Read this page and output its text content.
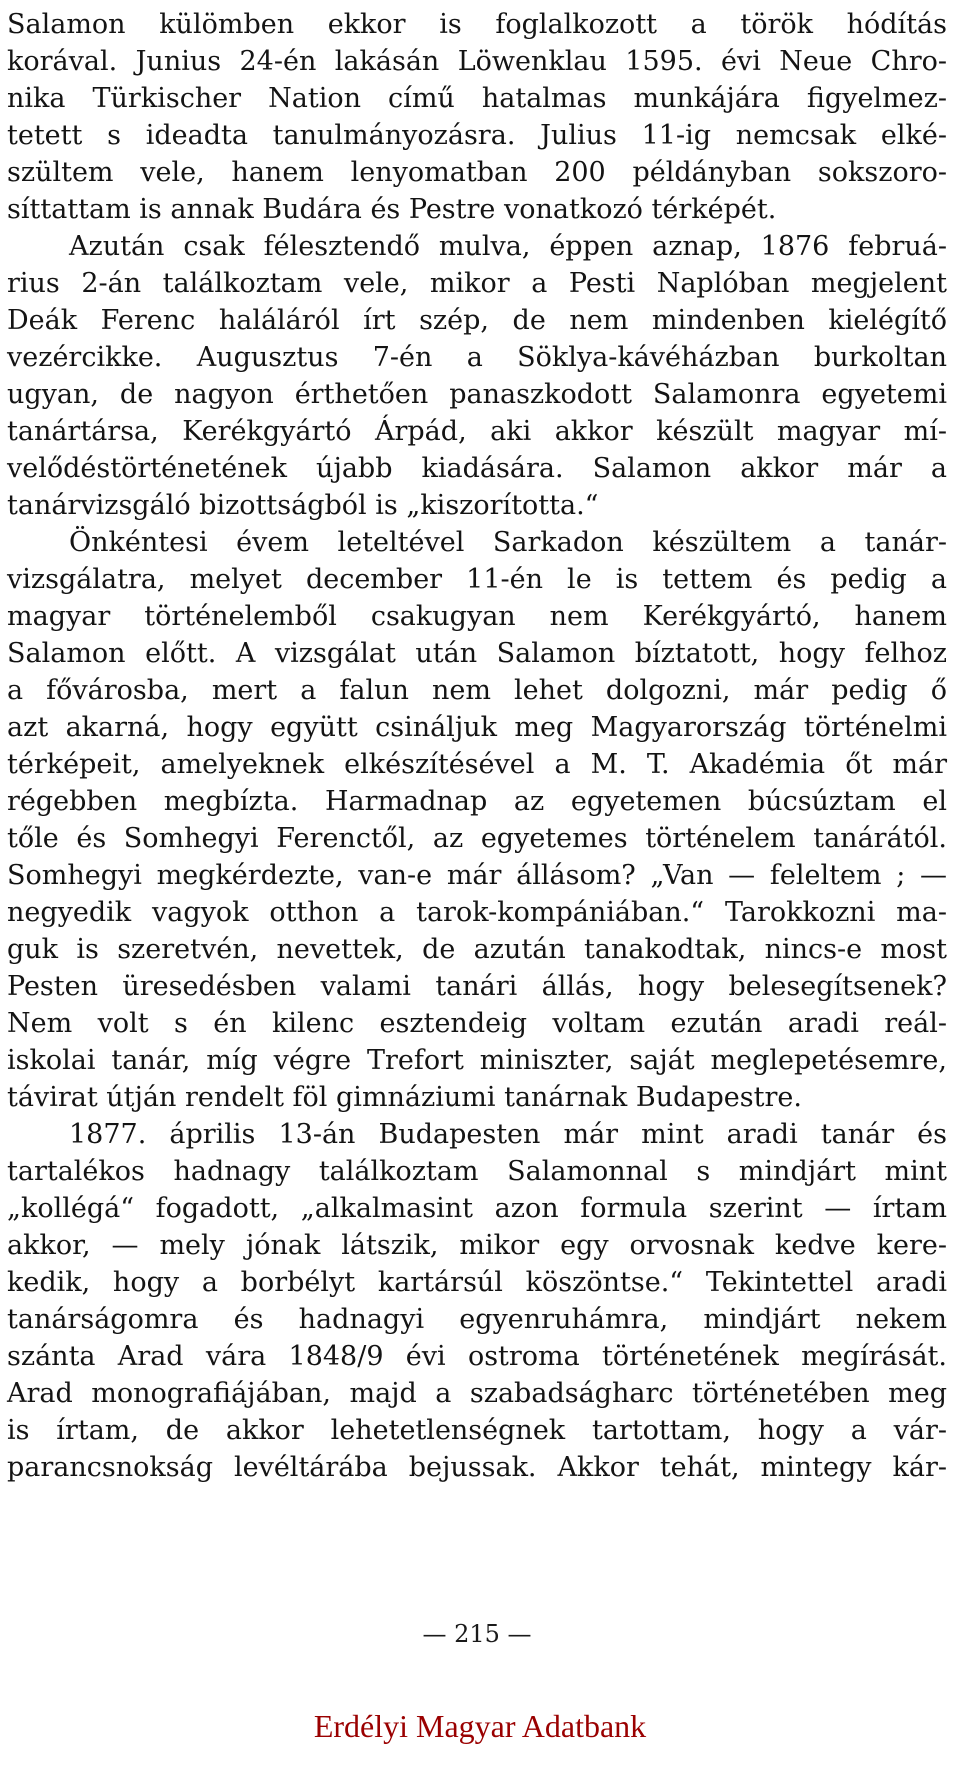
Salamon külömben ekkor is foglalkozott a török hódítás
korával. Junius 24-én lakásán Löwenklau 1595. évi Neue Chro-
nika Türkischer Nation című hatalmas munkájára figyelmez-
tetett s ideadta tanulmányozásra. Julius 11-ig nemcsak elké-
szültem vele, hanem lenyomatban 200 példányban sokszoro-
síttattam is annak Budára és Pestre vonatkozó térképét.
Azután csak félesztendő mulva, éppen aznap, 1876 februá-
rius 2-án találkoztam vele, mikor a Pesti Naplóban megjelent
Deák Ferenc haláláról írt szép, de nem mindenben kielégítő
vezércikke. Augusztus 7-én a Söklya-kávéházban burkoltan
ugyan, de nagyon érthetően panaszkodott Salamonra egyetemi
tanártársa, Kerékgyártó Árpád, aki akkor készült magyar mí-
velődéstörténetének újabb kiadására. Salamon akkor már a
tanárvizsgáló bizottságból is „kiszorította.“
Önkéntesi évem leteltével Sarkadon készültem a tanár-
vizsgálatra, melyet december 11-én le is tettem és pedig a
magyar történelemből csakugyan nem Kerékgyártó, hanem
Salamon előtt. A vizsgálat után Salamon bíztatott, hogy felhoz
a fővárosba, mert a falun nem lehet dolgozni, már pedig ő
azt akarná, hogy együtt csináljuk meg Magyarország történelmi
térképeit, amelyeknek elkészítésével a M. T. Akadémia őt már
régebben megbízta. Harmadnap az egyetemen búcsúztam el
tőle és Somhegyi Ferenctől, az egyetemes történelem tanárától.
Somhegyi megkérdezte, van-e már állásom? „Van — feleltem ; —
negyedik vagyok otthon a tarok-kompániában.“ Tarokkozni ma-
guk is szeretvén, nevettek, de azután tanakodtak, nincs-e most
Pesten üresedésben valami tanári állás, hogy belesegítsenek?
Nem volt s én kilenc esztendeig voltam ezután aradi reál-
iskolai tanár, míg végre Trefort miniszter, saját meglepetésemre,
távirat útján rendelt föl gimnáziumi tanárnak Budapestre.
1877. április 13-án Budapesten már mint aradi tanár és
tartalékos hadnagy találkoztam Salamonnal s mindjárt mint
„kollégá“ fogadott, „alkalmasint azon formula szerint — írtam
akkor, — mely jónak látszik, mikor egy orvosnak kedve kere-
kedik, hogy a borbélyt kartársúl köszöntse.“ Tekintettel aradi
tanárságomra és hadnagyi egyenruhámra, mindjárt nekem
szánta Arad vára 1848/9 évi ostroma történetének megírását.
Arad monografiájában, majd a szabadságharc történetében meg
is írtam, de akkor lehetetlenségnek tartottam, hogy a vár-
parancsnokság levéltárába bejussak. Akkor tehát, mintegy kár-
— 215 —
Erdélyi Magyar Adatbank
